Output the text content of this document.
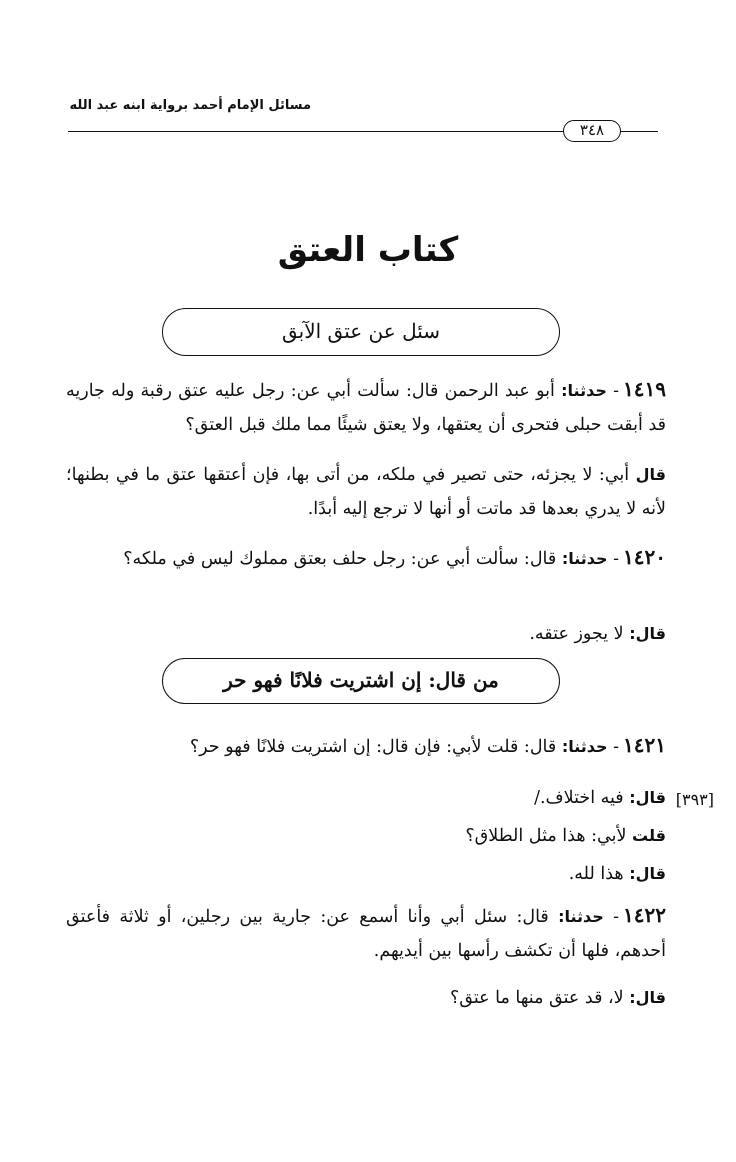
مسائل الإمام أحمد برواية ابنه عبد الله
٣٤٨
كتاب العتق
سئل عن عتق الآبق

١٤١٩- حدثنا: أبو عبد الرحمن قال: سألت أبي عن: رجل عليه عتق رقبة وله جاريه قد أبقت حبلى فتحرى أن يعتقها، ولا يعتق شيئًا مما ملك قبل العتق؟

قال أبي: لا يجزئه، حتى تصير في ملكه، من أتى بها، فإن أعتقها عتق ما في بطنها؛ لأنه لا يدري بعدها قد ماتت أو أنها لا ترجع إليه أبدًا.

١٤٢٠- حدثنا: قال: سألت أبي عن: رجل حلف بعتق مملوك ليس في ملكه؟

قال: لا يجوز عتقه.

من قال: إن اشتريت فلانًا فهو حر

١٤٢١- حدثنا: قال: قلت لأبي: فإن قال: إن اشتريت فلانًا فهو حر؟

[٣٩٣]

قال: فيه اختلاف./

قلت لأبي: هذا مثل الطلاق؟

قال: هذا لله.

١٤٢٢- حدثنا: قال: سئل أبي وأنا أسمع عن: جارية بين رجلين، أو ثلاثة فأعتق أحدهم، فلها أن تكشف رأسها بين أيديهم.

قال: لا، قد عتق منها ما عتق؟
